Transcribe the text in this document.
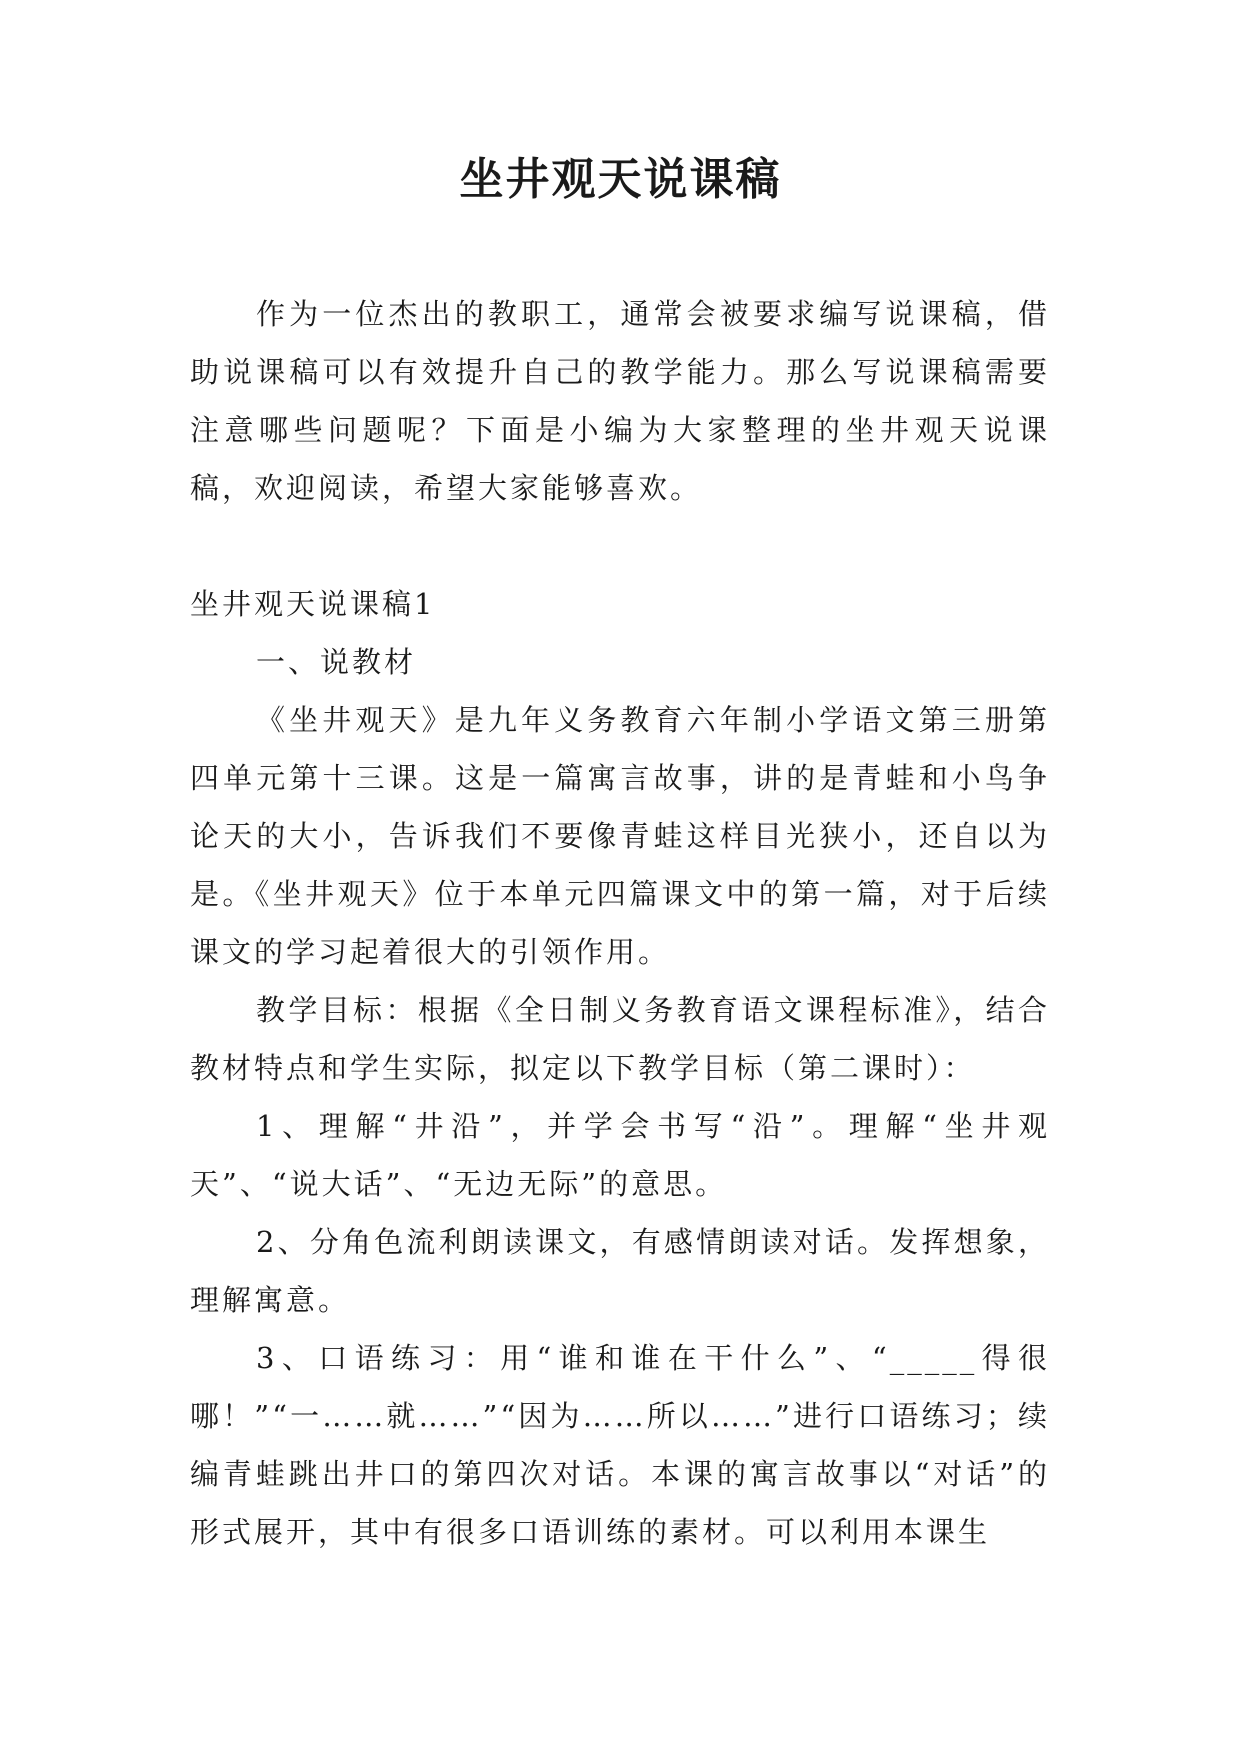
坐井观天说课稿

作为一位杰出的教职工，通常会被要求编写说课稿，借助说课稿可以有效提升自己的教学能力。那么写说课稿需要注意哪些问题呢？下面是小编为大家整理的坐井观天说课稿，欢迎阅读，希望大家能够喜欢。

坐井观天说课稿1

一、说教材

《坐井观天》是九年义务教育六年制小学语文第三册第四单元第十三课。这是一篇寓言故事，讲的是青蛙和小鸟争论天的大小，告诉我们不要像青蛙这样目光狭小，还自以为是。《坐井观天》位于本单元四篇课文中的第一篇，对于后续课文的学习起着很大的引领作用。

教学目标：根据《全日制义务教育语文课程标准》，结合教材特点和学生实际，拟定以下教学目标（第二课时）：

1、理解“井沿”，并学会书写“沿”。理解“坐井观天”、“说大话”、“无边无际”的意思。

2、分角色流利朗读课文，有感情朗读对话。发挥想象，理解寓意。

3、口语练习：用“谁和谁在干什么”、“_____得很哪！”“一……就……”“因为……所以……”进行口语练习；续编青蛙跳出井口的第四次对话。本课的寓言故事以“对话”的形式展开，其中有很多口语训练的素材。可以利用本课生
